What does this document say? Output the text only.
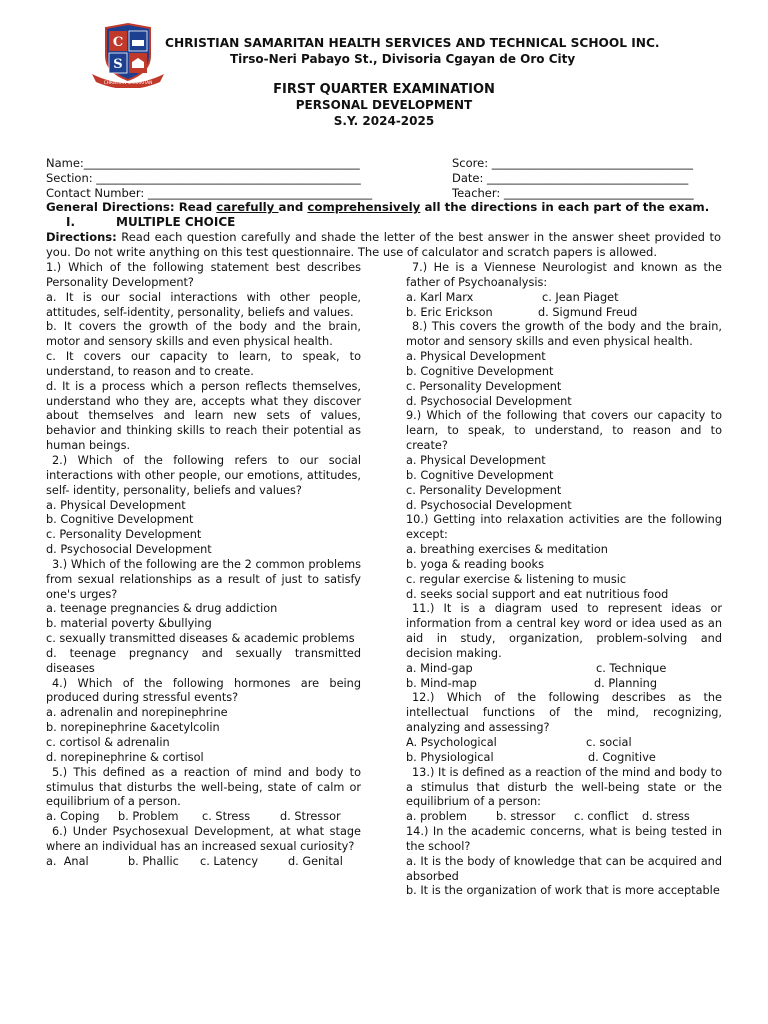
C
S
CHRISTIAN SAMARITAN
CHRISTIAN SAMARITAN HEALTH SERVICES AND TECHNICAL SCHOOL INC.
Tirso-Neri Pabayo St., Divisoria Cgayan de Oro City
FIRST QUARTER EXAMINATION
PERSONAL DEVELOPMENT
S.Y. 2024-2025
Name:________________________________________________
Section: ______________________________________________
Contact Number: _______________________________________
Score: ___________________________________
Date: ___________________________________
Teacher: _________________________________
General Directions: Read carefully and comprehensively all the directions in each part of the exam.
I.	MULTIPLE CHOICE
Directions: Read each question carefully and shade the letter of the best answer in the answer sheet provided to you. Do not write anything on this test questionnaire. The use of calculator and scratch papers is allowed.
1.) Which of the following statement best describes Personality Development?
a. It is our social interactions with other people, attitudes, self-identity, personality, beliefs and values.
b. It covers the growth of the body and the brain, motor and sensory skills and even physical health.
c. It covers our capacity to learn, to speak, to understand, to reason and to create.
d. It is a process which a person reflects themselves, understand who they are, accepts what they discover about themselves and learn new sets of values, behavior and thinking skills to reach their potential as human beings.
2.) Which of the following refers to our social interactions with other people, our emotions, attitudes, self- identity, personality, beliefs and values?
a. Physical Development
b. Cognitive Development
c. Personality Development
d. Psychosocial Development
3.) Which of the following are the 2 common problems from sexual relationships as a result of just to satisfy one's urges?
a. teenage pregnancies & drug addiction
b. material poverty &bullying
c. sexually transmitted diseases & academic problems
d. teenage pregnancy and sexually transmitted diseases
4.) Which of the following hormones are being produced during stressful events?
a. adrenalin and norepinephrine
b. norepinephrine &acetylcolin
c. cortisol & adrenalin
d. norepinephrine & cortisol
5.) This defined as a reaction of mind and body to stimulus that disturbs the well-being, state of calm or equilibrium of a person.
a. Coping	b. Problem	c. Stress	d. Stressor
6.) Under Psychosexual Development, at what stage where an individual has an increased sexual curiosity?
a.  Anal	b. Phallic	c. Latency	d. Genital
7.) He is a Viennese Neurologist and known as the father of Psychoanalysis:
a. Karl Marx	c. Jean Piaget
b. Eric Erickson	d. Sigmund Freud
8.) This covers the growth of the body and the brain, motor and sensory skills and even physical health.
a. Physical Development
b. Cognitive Development
c. Personality Development
d. Psychosocial Development
9.) Which of the following that covers our capacity to learn, to speak, to understand, to reason and to create?
a. Physical Development
b. Cognitive Development
c. Personality Development
d. Psychosocial Development
10.) Getting into relaxation activities are the following except:
a. breathing exercises & meditation
b. yoga & reading books
c. regular exercise & listening to music
d. seeks social support and eat nutritious food
11.) It is a diagram used to represent ideas or information from a central key word or idea used as an aid in study, organization, problem-solving and decision making.
a. Mind-gap	c. Technique
b. Mind-map	d. Planning
12.) Which of the following describes as the intellectual functions of the mind, recognizing, analyzing and assessing?
A. Psychological	c. social
b. Physiological	d. Cognitive
13.) It is defined as a reaction of the mind and body to a stimulus that disturb the well-being state or the equilibrium of a person:
a. problem	b. stressor	c. conflict	d. stress
14.) In the academic concerns, what is being tested in the school?
a. It is the body of knowledge that can be acquired and absorbed
b. It is the organization of work that is more acceptable
